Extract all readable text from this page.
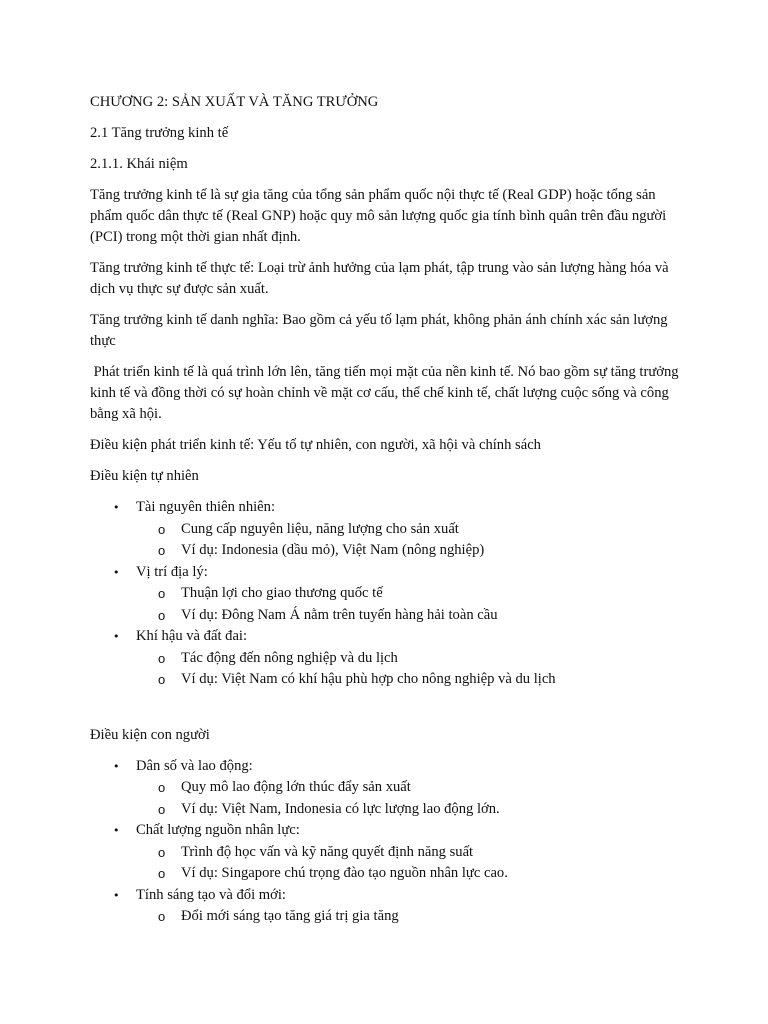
CHƯƠNG 2: SẢN XUẤT VÀ TĂNG TRƯỞNG
2.1 Tăng trưởng kinh tế
2.1.1. Khái niệm
Tăng trưởng kinh tế là sự gia tăng của tổng sản phẩm quốc nội thực tế (Real GDP) hoặc tổng sản phẩm quốc dân thực tế (Real GNP) hoặc quy mô sản lượng quốc gia tính bình quân trên đầu người (PCI) trong một thời gian nhất định.
Tăng trưởng kinh tế thực tế: Loại trừ ảnh hưởng của lạm phát, tập trung vào sản lượng hàng hóa và dịch vụ thực sự được sản xuất.
Tăng trưởng kinh tế danh nghĩa: Bao gồm cả yếu tố lạm phát, không phản ánh chính xác sản lượng thực
Phát triển kinh tế là quá trình lớn lên, tăng tiến mọi mặt của nền kinh tế. Nó bao gồm sự tăng trưởng kinh tế và đồng thời có sự hoàn chỉnh về mặt cơ cấu, thể chế kinh tế, chất lượng cuộc sống và công bằng xã hội.
Điều kiện phát triển kinh tế: Yếu tố tự nhiên, con người, xã hội và chính sách
Điều kiện tự nhiên
• Tài nguyên thiên nhiên:
o Cung cấp nguyên liệu, năng lượng cho sản xuất
o Ví dụ: Indonesia (dầu mỏ), Việt Nam (nông nghiệp)
• Vị trí địa lý:
o Thuận lợi cho giao thương quốc tế
o Ví dụ: Đông Nam Á nằm trên tuyến hàng hải toàn cầu
• Khí hậu và đất đai:
o Tác động đến nông nghiệp và du lịch
o Ví dụ: Việt Nam có khí hậu phù hợp cho nông nghiệp và du lịch
Điều kiện con người
• Dân số và lao động:
o Quy mô lao động lớn thúc đẩy sản xuất
o Ví dụ: Việt Nam, Indonesia có lực lượng lao động lớn.
• Chất lượng nguồn nhân lực:
o Trình độ học vấn và kỹ năng quyết định năng suất
o Ví dụ: Singapore chú trọng đào tạo nguồn nhân lực cao.
• Tính sáng tạo và đổi mới:
o Đổi mới sáng tạo tăng giá trị gia tăng
